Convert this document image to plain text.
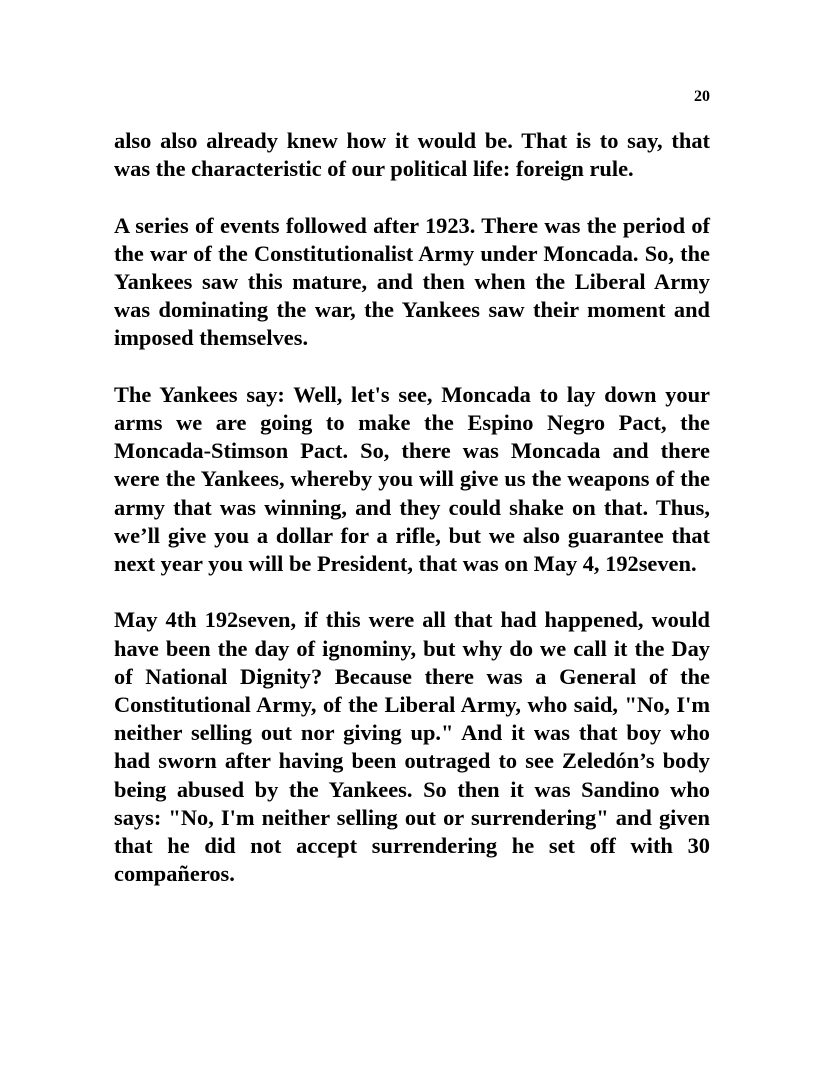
20

also also already knew how it would be. That is to say, that was the characteristic of our political life: foreign rule.

A series of events followed after 1923. There was the period of the war of the Constitutionalist Army under Moncada. So, the Yankees saw this mature, and then when the Liberal Army was dominating the war, the Yankees saw their moment and imposed themselves.

The Yankees say: Well, let's see, Moncada to lay down your arms we are going to make the Espino Negro Pact, the Moncada-Stimson Pact. So, there was Moncada and there were the Yankees, whereby you will give us the weapons of the army that was winning, and they could shake on that. Thus, we’ll give you a dollar for a rifle, but we also guarantee that next year you will be President, that was on May 4, 192seven.

May 4th 192seven, if this were all that had happened, would have been the day of ignominy, but why do we call it the Day of National Dignity? Because there was a General of the Constitutional Army, of the Liberal Army, who said, "No, I'm neither selling out nor giving up." And it was that boy who had sworn after having been outraged to see Zeledón’s body being abused by the Yankees. So then it was Sandino who says: "No, I'm neither selling out or surrendering" and given that he did not accept surrendering he set off with 30 compañeros.
